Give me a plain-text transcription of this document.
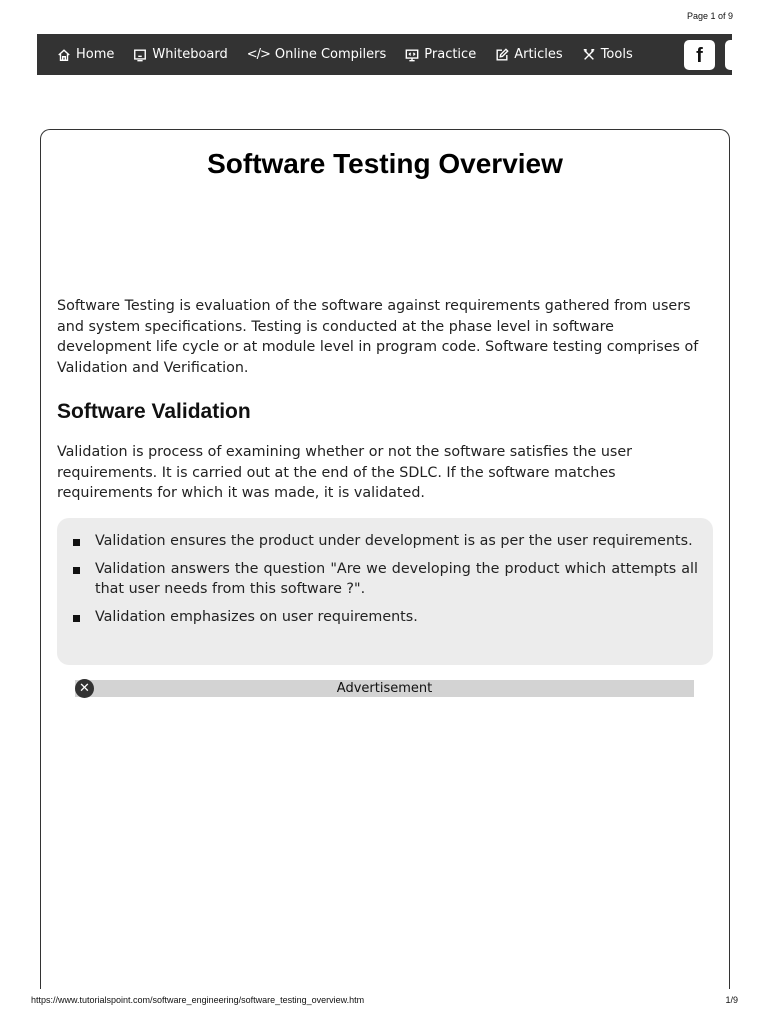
Page 1 of 9
Home	Whiteboard </> Online Compilers	Practice	Articles	Tools	f
Software Testing Overview

Software Testing is evaluation of the software against requirements gathered from users and system specifications. Testing is conducted at the phase level in software development life cycle or at module level in program code. Software testing comprises of Validation and Verification.

Software Validation

Validation is process of examining whether or not the software satisfies the user requirements. It is carried out at the end of the SDLC. If the software matches requirements for which it was made, it is validated.

Validation ensures the product under development is as per the user requirements.
Validation answers the question "Are we developing the product which attempts all that user needs from this software ?".
Validation emphasizes on user requirements.
Advertisement
✕
https://www.tutorialspoint.com/software_engineering/software_testing_overview.htm	1/9
